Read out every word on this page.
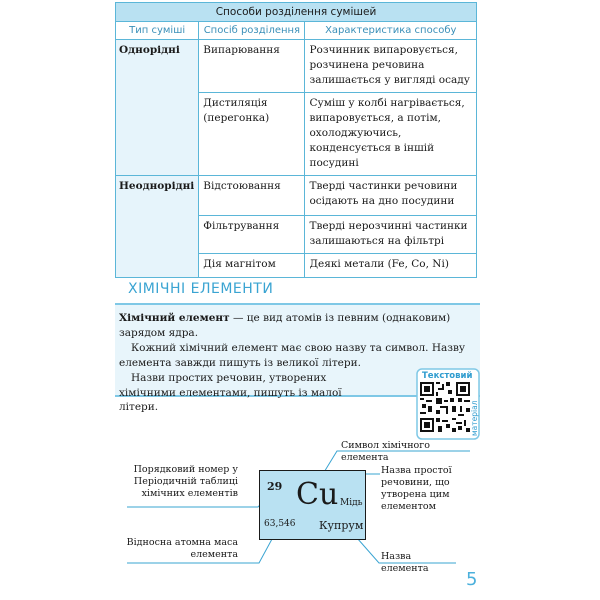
Способи розділення сумішей		
Тип суміші	Спосіб розділення	Характеристика способу
Однорідні	Випарювання	Розчинник випаровується, розчинена речовина залишається у вигляді осаду
	Дистиляція (перегонка)	Суміш у колбі нагрівається, випаровується, а потім, охолоджуючись, конденсується в іншій посудині
Неоднорідні	Відстоювання	Тверді частинки речовини осідають на дно посудини
	Фільтрування	Тверді нерозчинні частинки залишаються на фільтрі
	Дія магнітом	Деякі метали (Fe, Co, Ni)
ХІМІЧНІ ЕЛЕМЕНТИ

Хімічний елемент — це вид атомів із певним (однаковим) зарядом ядра.

Кожний хімічний елемент має свою назву та символ. Назву елемента завжди пишуть із великої літери.

Назви простих речовин, утворених хімічними елементами, пишуть із малої літери.

Текстовий
матеріал
Символ хімічного елемента
Назва простої речовини, що утворена цим елементом
Порядковий номер у Періодичній таблиці хімічних елементів
Відносна атомна маса елемента	Назва елемента
29 Cu Мідь
63,546 Купрум
5
